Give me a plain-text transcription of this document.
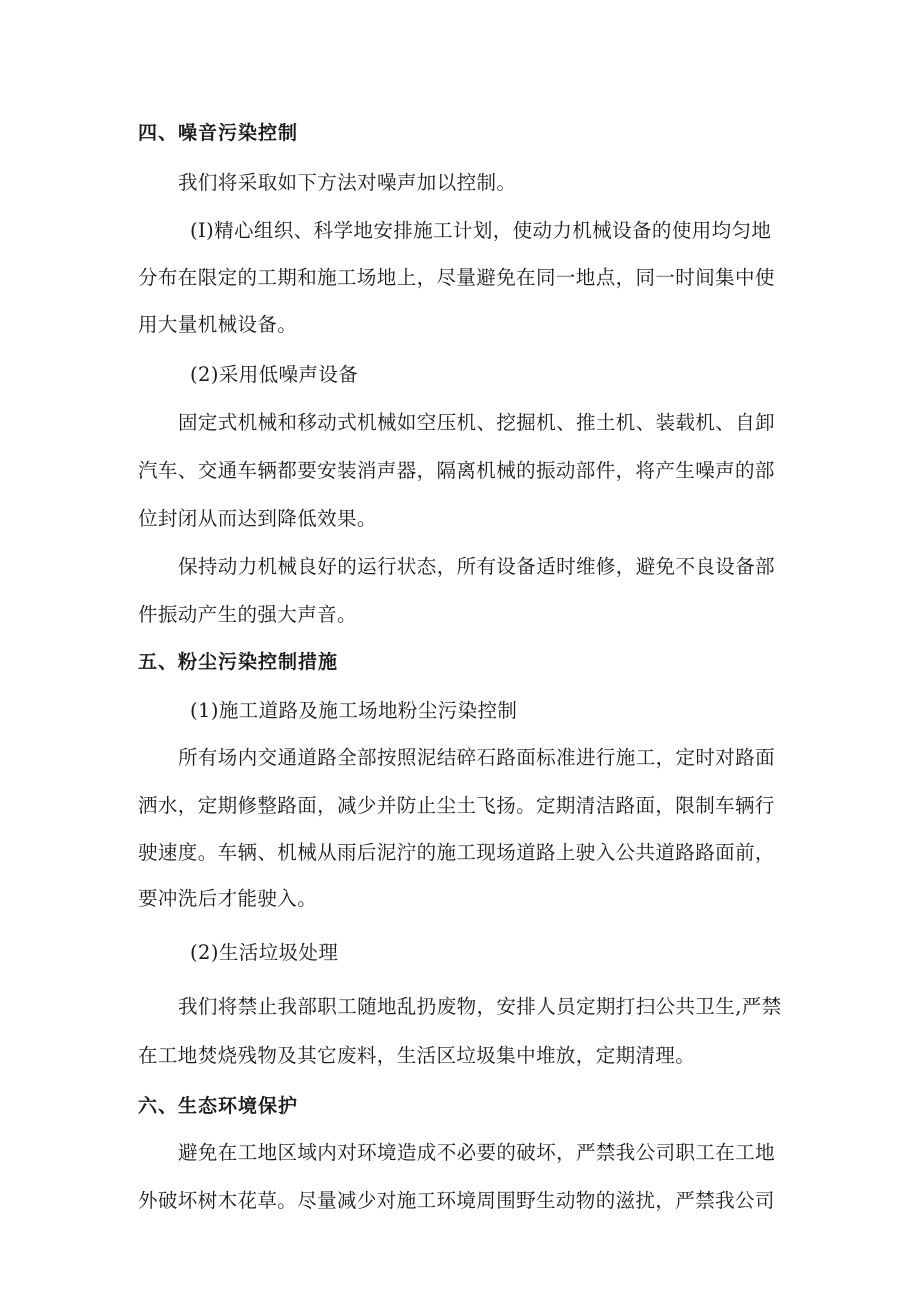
四、噪音污染控制
我们将采取如下方法对噪声加以控制。
(I)精心组织、科学地安排施工计划，使动力机械设备的使用均匀地
分布在限定的工期和施工场地上，尽量避免在同一地点，同一时间集中使
用大量机械设备。
(2)采用低噪声设备
固定式机械和移动式机械如空压机、挖掘机、推土机、装载机、自卸
汽车、交通车辆都要安装消声器，隔离机械的振动部件，将产生噪声的部
位封闭从而达到降低效果。
保持动力机械良好的运行状态，所有设备适时维修，避免不良设备部
件振动产生的强大声音。
五、粉尘污染控制措施
(1)施工道路及施工场地粉尘污染控制
所有场内交通道路全部按照泥结碎石路面标准进行施工，定时对路面
洒水，定期修整路面，减少并防止尘土飞扬。定期清洁路面，限制车辆行
驶速度。车辆、机械从雨后泥泞的施工现场道路上驶入公共道路路面前，
要冲洗后才能驶入。
(2)生活垃圾处理
我们将禁止我部职工随地乱扔废物，安排人员定期打扫公共卫生,严禁
在工地焚烧残物及其它废料，生活区垃圾集中堆放，定期清理。
六、生态环境保护
避免在工地区域内对环境造成不必要的破坏，严禁我公司职工在工地
外破坏树木花草。尽量减少对施工环境周围野生动物的滋扰，严禁我公司
